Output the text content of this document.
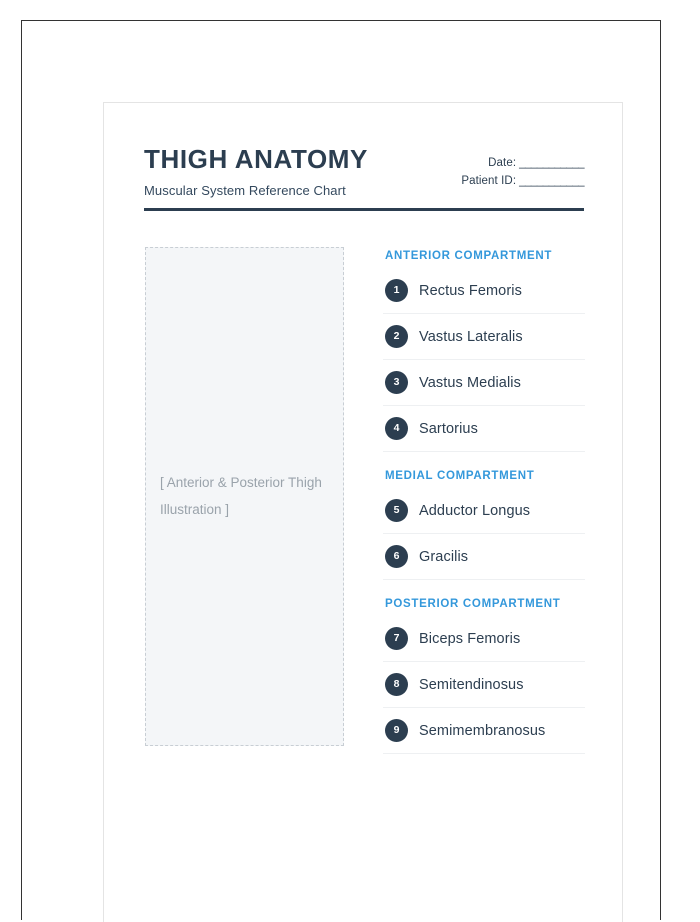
THIGH ANATOMY

Muscular System Reference Chart

Date: ___________
Patient ID: ___________
[ Anterior & Posterior Thigh Illustration ]
ANTERIOR COMPARTMENT
1	Rectus Femoris
2	Vastus Lateralis
3	Vastus Medialis
4	Sartorius
MEDIAL COMPARTMENT
5	Adductor Longus
6	Gracilis
POSTERIOR COMPARTMENT
7	Biceps Femoris
8	Semitendinosus
9	Semimembranosus
